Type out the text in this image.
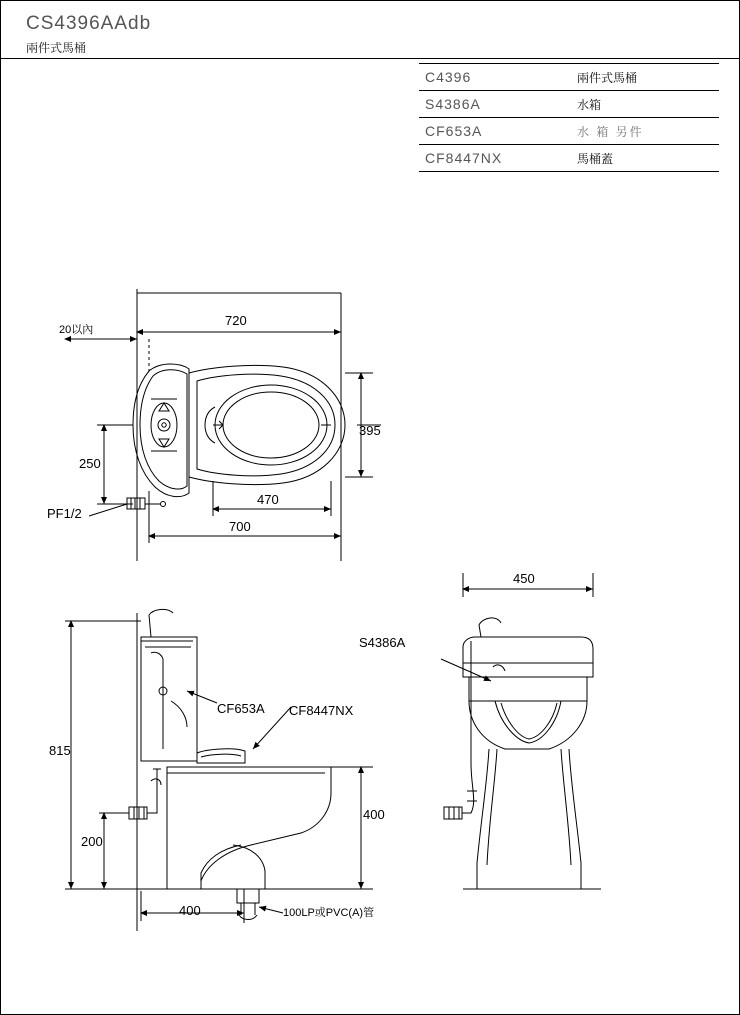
CS4396AAdb
兩件式馬桶
C4396	兩件式馬桶
S4386A	水箱
CF653A	水 箱 另件
CF8447NX	馬桶蓋
20以內
720
395
470
700
250
PF1/2
815
200
400
400
CF653A CF8447NX
100LP或PVC(A)管
450
S4386A
